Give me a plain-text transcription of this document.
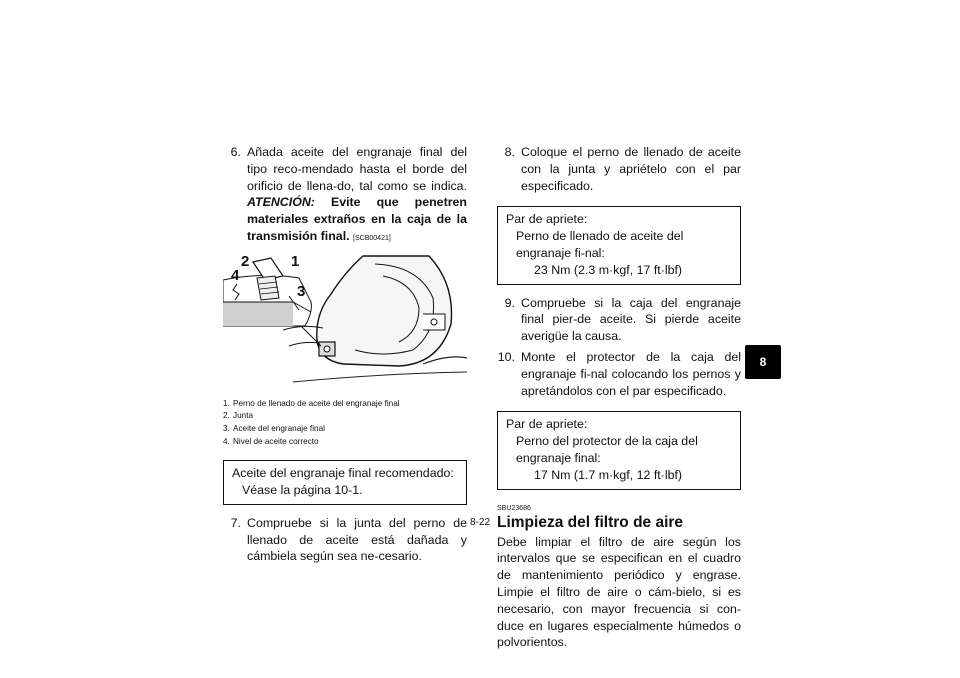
6. Añada aceite del engranaje final del tipo reco-mendado hasta el borde del orificio de llena-do, tal como se indica. ATENCIÓN: Evite que penetren materiales extraños en la caja de la transmisión final. [SCB00421]
2	1
4
3
1. Perno de llenado de aceite del engranaje final
2. Junta
3. Aceite del engranaje final
4. Nivel de aceite correcto
Aceite del engranaje final recomendado:
Véase la página 10-1.
7. Compruebe si la junta del perno de llenado de aceite está dañada y cámbiela según sea ne-cesario.
8. Coloque el perno de llenado de aceite con la junta y apriételo con el par especificado.
Par de apriete:
Perno de llenado de aceite del engranaje fi-nal:
23 Nm (2.3 m·kgf, 17 ft·lbf)
9. Compruebe si la caja del engranaje final pier-de aceite. Si pierde aceite averigüe la causa.
10. Monte el protector de la caja del engranaje fi-nal colocando los pernos y apretándolos con el par especificado.
Par de apriete:
Perno del protector de la caja del engranaje final:
17 Nm (1.7 m·kgf, 12 ft·lbf)
SBU23686
Limpieza del filtro de aire
Debe limpiar el filtro de aire según los intervalos que se especifican en el cuadro de mantenimiento periódico y engrase. Limpie el filtro de aire o cám-bielo, si es necesario, con mayor frecuencia si con-duce en lugares especialmente húmedos o polvorientos.
8
8-22
